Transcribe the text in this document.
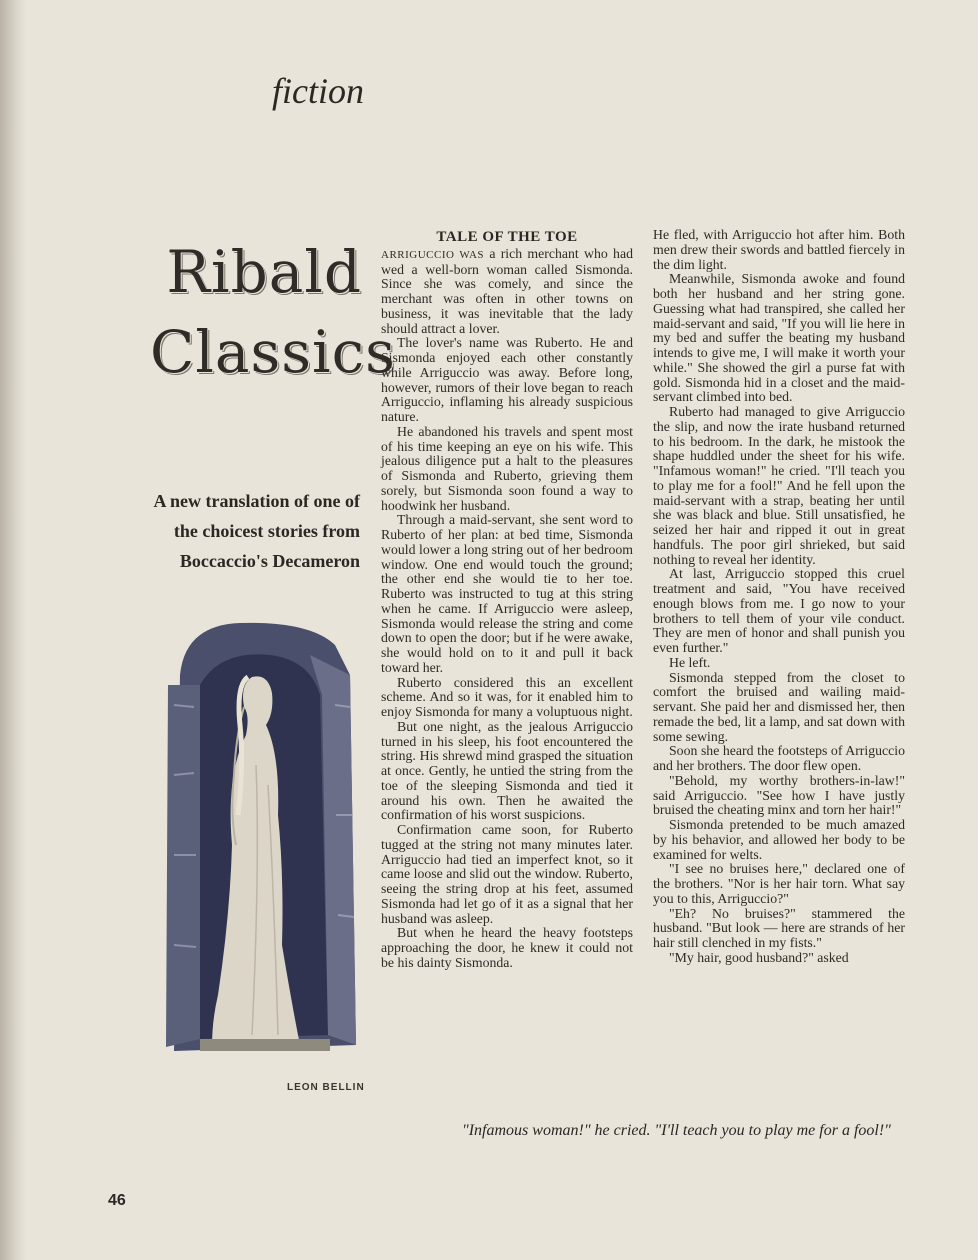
fiction
Ribald
Classics
A new translation of one of
the choicest stories from
Boccaccio's Decameron
LEON BELLIN
TALE OF THE TOE

ARRIGUCCIO WAS a rich merchant who had wed a well-born woman called Sismonda. Since she was comely, and since the merchant was often in other towns on business, it was inevitable that the lady should attract a lover.

The lover's name was Ruberto. He and Sismonda enjoyed each other constantly while Arriguccio was away. Before long, however, rumors of their love began to reach Arriguccio, inflaming his already suspicious nature.

He abandoned his travels and spent most of his time keeping an eye on his wife. This jealous diligence put a halt to the pleasures of Sismonda and Ruberto, grieving them sorely, but Sismonda soon found a way to hoodwink her husband.

Through a maid-servant, she sent word to Ruberto of her plan: at bed time, Sismonda would lower a long string out of her bedroom window. One end would touch the ground; the other end she would tie to her toe. Ruberto was instructed to tug at this string when he came. If Arriguccio were asleep, Sismonda would release the string and come down to open the door; but if he were awake, she would hold on to it and pull it back toward her.

Ruberto considered this an excellent scheme. And so it was, for it enabled him to enjoy Sismonda for many a voluptuous night.

But one night, as the jealous Arriguccio turned in his sleep, his foot encountered the string. His shrewd mind grasped the situation at once. Gently, he untied the string from the toe of the sleeping Sismonda and tied it around his own. Then he awaited the confirmation of his worst suspicions.

Confirmation came soon, for Ruberto tugged at the string not many minutes later. Arriguccio had tied an imperfect knot, so it came loose and slid out the window. Ruberto, seeing the string drop at his feet, assumed Sismonda had let go of it as a signal that her husband was asleep.

But when he heard the heavy footsteps approaching the door, he knew it could not be his dainty Sismonda.

He fled, with Arriguccio hot after him. Both men drew their swords and battled fiercely in the dim light.

Meanwhile, Sismonda awoke and found both her husband and her string gone. Guessing what had transpired, she called her maid-servant and said, "If you will lie here in my bed and suffer the beating my husband intends to give me, I will make it worth your while." She showed the girl a purse fat with gold. Sismonda hid in a closet and the maid-servant climbed into bed.

Ruberto had managed to give Arriguccio the slip, and now the irate husband returned to his bedroom. In the dark, he mistook the shape huddled under the sheet for his wife. "Infamous woman!" he cried. "I'll teach you to play me for a fool!" And he fell upon the maid-servant with a strap, beating her until she was black and blue. Still unsatisfied, he seized her hair and ripped it out in great handfuls. The poor girl shrieked, but said nothing to reveal her identity.

At last, Arriguccio stopped this cruel treatment and said, "You have received enough blows from me. I go now to your brothers to tell them of your vile conduct. They are men of honor and shall punish you even further."

He left.

Sismonda stepped from the closet to comfort the bruised and wailing maid-servant. She paid her and dismissed her, then remade the bed, lit a lamp, and sat down with some sewing.

Soon she heard the footsteps of Arriguccio and her brothers. The door flew open.

"Behold, my worthy brothers-in-law!" said Arriguccio. "See how I have justly bruised the cheating minx and torn her hair!"

Sismonda pretended to be much amazed by his behavior, and allowed her body to be examined for welts.

"I see no bruises here," declared one of the brothers. "Nor is her hair torn. What say you to this, Arriguccio?"

"Eh? No bruises?" stammered the husband. "But look — here are strands of her hair still clenched in my fists."

"My hair, good husband?" asked

"Infamous woman!" he cried. "I'll teach you to play me for a fool!"
46
